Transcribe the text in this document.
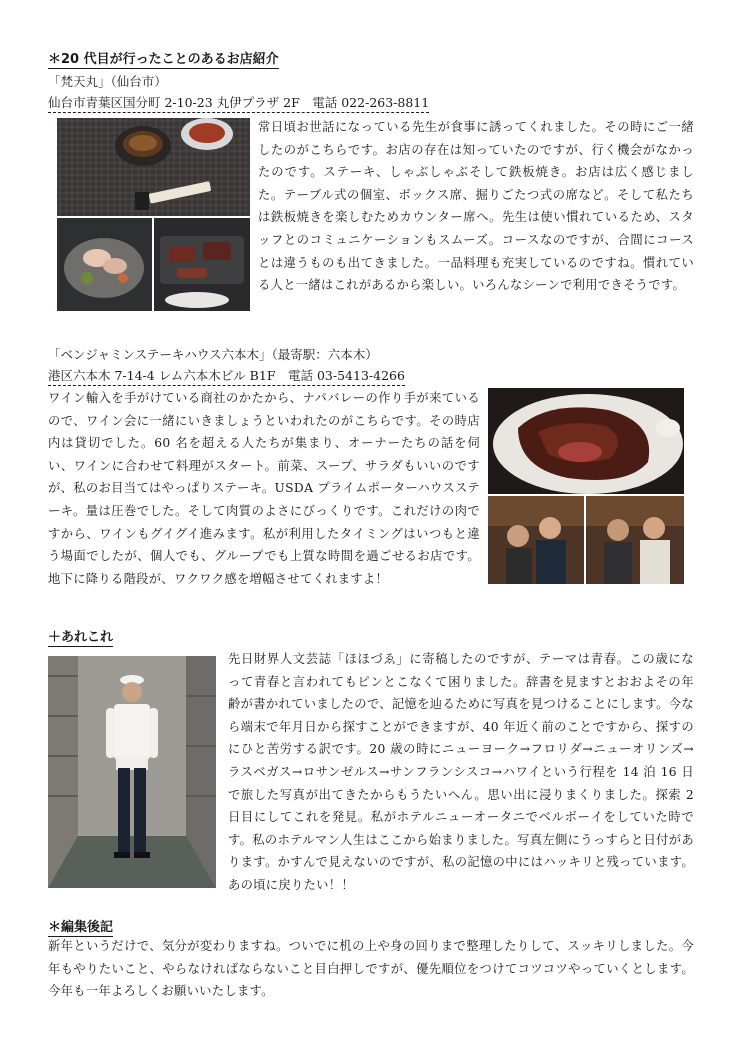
＊20 代目が行ったことのあるお店紹介
「梵天丸」（仙台市）
仙台市青葉区国分町 2-10-23 丸伊プラザ 2F　電話 022-263-8811
常日頃お世話になっている先生が食事に誘ってくれました。その時にご一緒したのがこちらです。お店の存在は知っていたのですが、行く機会がなかったのです。ステーキ、しゃぶしゃぶそして鉄板焼き。お店は広く感じました。テーブル式の個室、ボックス席、掘りごたつ式の席など。そして私たちは鉄板焼きを楽しむためカウンター席へ。先生は使い慣れているため、スタッフとのコミュニケーションもスムーズ。コースなのですが、合間にコースとは違うものも出てきました。一品料理も充実しているのですね。慣れている人と一緒はこれがあるから楽しい。いろんなシーンで利用できそうです。
「ベンジャミンステーキハウス六本木」（最寄駅：六本木）
港区六本木 7-14-4 レム六本木ビル B1F　電話 03-5413-4266
ワイン輸入を手がけている商社のかたから、ナパバレーの作り手が来ているので、ワイン会に一緒にいきましょうといわれたのがこちらです。その時店内は貸切でした。60 名を超える人たちが集まり、オーナーたちの話を伺い、ワインに合わせて料理がスタート。前菜、スープ、サラダもいいのですが、私のお目当てはやっぱりステーキ。USDA プライムポーターハウスステーキ。量は圧巻でした。そして肉質のよさにびっくりです。これだけの肉ですから、ワインもグイグイ進みます。私が利用したタイミングはいつもと違う場面でしたが、個人でも、グループでも上質な時間を過ごせるお店です。地下に降りる階段が、ワクワク感を増幅させてくれますよ！
＋あれこれ
先日財界人文芸誌「ほほづゑ」に寄稿したのですが、テーマは青春。この歳になって青春と言われてもピンとこなくて困りました。辞書を見ますとおおよその年齢が書かれていましたので、記憶を辿るために写真を見つけることにします。今なら端末で年月日から探すことができますが、40 年近く前のことですから、探すのにひと苦労する訳です。20 歳の時にニューヨーク→フロリダ→ニューオリンズ→ラスベガス→ロサンゼルス→サンフランシスコ→ハワイという行程を 14 泊 16 日で旅した写真が出てきたからもうたいへん。思い出に浸りまくりました。探索 2 日目にしてこれを発見。私がホテルニューオータニでベルボーイをしていた時です。私のホテルマン人生はここから始まりました。写真左側にうっすらと日付があります。かすんで見えないのですが、私の記憶の中にはハッキリと残っています。あの頃に戻りたい！！
＊編集後記
新年というだけで、気分が変わりますね。ついでに机の上や身の回りまで整理したりして、スッキリしました。今年もやりたいこと、やらなければならないこと目白押しですが、優先順位をつけてコツコツやっていくとします。今年も一年よろしくお願いいたします。
